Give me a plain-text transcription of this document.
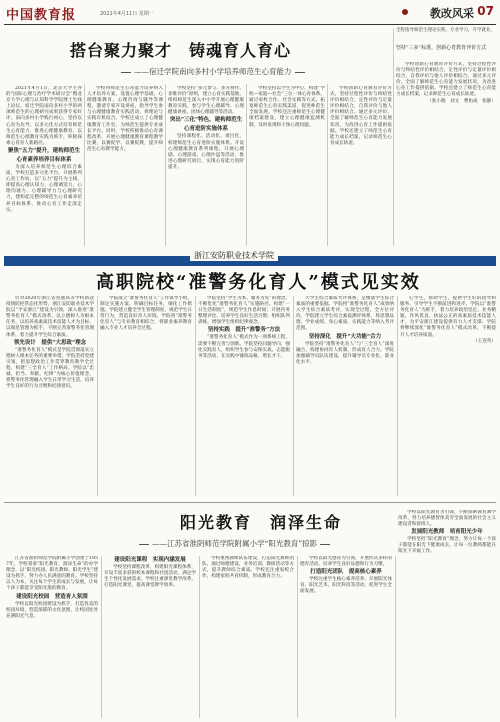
中国教育报	2021年4月11日 星期一	教改风采 07
搭台聚力聚才　铸魂育人育心
——宿迁学院南向多村小学培养师范生心育能力
全程指导师范生理论实践，专业学习，升学就业。
坚持“三多”标准，创新心育教育评价方式

2021年4月1日，北京大学主办的“国际心理与治疗学术研讨会”暨北京大学心理与认知科学学院博士生线上论坛，宿迁学院南向多村小学的两项师范生的心理研究成果获得专家好评。南向多村小学践行初心，坚持以心育为先导，以多元化方式培育师范生心育能力，推进心理健康教育，以师范生心理教育实践为抓手，积极探索心育育人新路径。

聚焦“五力”提升，建构师范生心育素养培养目标体系

为深入培养师范生心理综合素质，学校打造多元化平台，开展系列心育工作坊，以“五力”提升为主线，即提高心理认知力、心理调适力、心理沟通力、心理辅导力与心理研究力，建构起完整的师范生心育素养培养目标体系，推动心育工作走深走实。

学校将师范生心育能力培养纳入人才培养方案，设置心理学基础、心理健康教育、心理咨询与辅导等课程，邀请专家开设讲座，指导学生参与心理健康教育实践活动，将理论与实践有机结合。学校还成立了心理健康教育工作室，为师范生提供专业成长平台。同时，学校积极推动心育课程改革，开展心理健康教育课程教学比赛，以赛促学、以赛促教，提升师范生心育教学能力。

学校坚持“多元参与、多方协作、多维评价”原则，建立心育实践基地，组织师范生深入中小学开展心理健康教育实践，参与学生心理辅导、心理健康讲座、团体心理辅导等活动。

突出“三化”特色，建构师范生心育进阶实施体系

坚持课程化、活动化、项目化，构建师范生心育进阶实施体系。开设心理健康教育系列课程，开展心理剧、心理游戏、心理沙盘等活动，推进心理研究项目，实现心育能力进阶提升。

学校坚持以学生为中心，构建“学校—家庭—社会”三位一体心育体系。通过家校合作、社会实践等方式，拓宽师范生心育实践渠道，促进师范生全面发展。学校还注重师范生心理健康档案建设，建立心理健康监测机制，及时发现和干预心理问题。

学校创新心育教育评价方式，坚持过程性评价与终结性评价相结合，定性评价与定量评价相结合，自我评价与他人评价相结合。通过多元评价，全面了解师范生心育能力发展状况，为改进心育工作提供依据。学校还建立了师范生心育能力成长档案，记录师范生心育成长轨迹。

学校创新心育教育评价方式，坚持过程性评价与终结性评价相结合，定性评价与定量评价相结合，自我评价与他人评价相结合。通过多元评价，全面了解师范生心育能力发展状况，为改进心育工作提供依据。学校还建立了师范生心育能力成长档案，记录师范生心育成长轨迹。

（张小晓　刘文　曹佑成　张静）

浙江安防职业技术学院
高职院校“准警务化育人”模式见实效

针对2020年浙江省普通高等学校新冠疫情防控常态化形势，浙江安防职业技术学院以“平安浙江”建设为引领，深入推进“准警务化育人”模式改革，以立德树人为根本任务，以培养高素质技术技能人才为目标，以规范管理为抓手，不断完善准警务化管理体系，着力提升学生综合素质。

领先设计　提供“大思政”理念

“准警务化育人”模式是学院贯彻落实立德树人根本任务的重要举措。学院坚持党建引领，把思想政治工作贯穿教育教学全过程，构建“三全育人”工作格局。学院以“忠诚、担当、奉献、纪律”为核心价值理念，将警务化管理融入学生日常学习生活，培养学生良好的行为习惯和纪律意识。

学院成立“准警务化育人”工作领导小组，制定实施方案，明确目标任务，细化工作措施。学院建立健全学生管理制度，规范学生日常行为，营造良好育人环境。学院将“准警务化育人”与专业教育相结合，将职业素养教育融入专业人才培养全过程。

学院坚持“学生为本、服务为先”的理念，不断优化“准警务化育人”实施路径。构建“一日生活制度”，规范学生作息时间；开展内务整理评比，培养学生良好生活习惯；组织队列训练，增强学生组织纪律观念。

坚持实践　提升“准警务”方法

“准警务化育人”模式作为一项系统工程，需要不断完善与创新。学院坚持问题导向，强化实践育人，组织学生参与安保实战、志愿服务等活动，在实践中锤炼品格、增长才干。

大学生综合素质考评体系，是衡量学生综合素质的重要依据。学院将“准警务化育人”成效纳入学生综合素质考评，实现全过程、全方位评价。学院建立学生综合素质测评体系，将思想品德、学业成绩、身心素质、实践能力等纳入考评范围。

坚持深化　提升“大功能”合力

学院坚持“准警务化育人”与“三全育人”深度融合，构建协同育人机制，形成育人合力。学院加强辅导员队伍建设，提升辅导员专业化、职业化水平。

心学生，帮助学生，提供学生好的指导和服务。引导学生不断前进和进步。学院以“准警务化育人”为抓手，着力培养政治坚定、业务精通、作风优良、执法公正的高素质技术技能人才，为平安浙江建设提供有力人才支撑。学院将继续深化“准警务化育人”模式改革，不断提升人才培养质量。

（王连英）

阳光教育　润泽生命
——江苏省淮阴师范学院附属小学“阳光教育”掠影

江苏省淮阴师范学院附属小学创建于1957年，学校秉承“阳光教育、润泽生命”的办学理念，以“阳光校园、阳光教师、阳光学生”建设为抓手，努力办人民满意的教育。学校坚持以人为本，关注每个学生的成长与发展，让每个孩子都能享受阳光般的教育。

建设阳光校园　营造育人氛围

学校以阳光校园建设为抓手，打造优美的校园环境，营造浓郁的文化氛围，让校园处处充满阳光气息。

建设阳光课程　实现内涵发展

学校坚持课程改革，构建阳光课程体系，开设丰富多彩的校本课程和社团活动，满足学生个性化发展需求。学校注重课堂教学改革，打造阳光课堂，提高课堂教学效率。

学校重视教师队伍建设，打造阳光教师团队。通过师德建设、业务培训、教研活动等方式，提升教师综合素质。学校还注重家校合作，构建家校共育机制，形成教育合力。

学校以阳光德育为引领，开展形式多样的德育活动，培养学生良好品德和行为习惯。

打造阳光团队　提高核心素养

学校注重学生核心素养培养，开展阳光体育、阳光艺术、阳光科技等活动，促进学生全面发展。

学校以阳光教育为引领，不断探索教育教学改革，努力培养德智体美劳全面发展的社会主义建设者和接班人。

发展阳光教师　培育阳光少年

学校坚持“阳光教育”理念，努力让每一个孩子都能在阳光下健康成长，让每一位教师都能在阳光下幸福工作。
